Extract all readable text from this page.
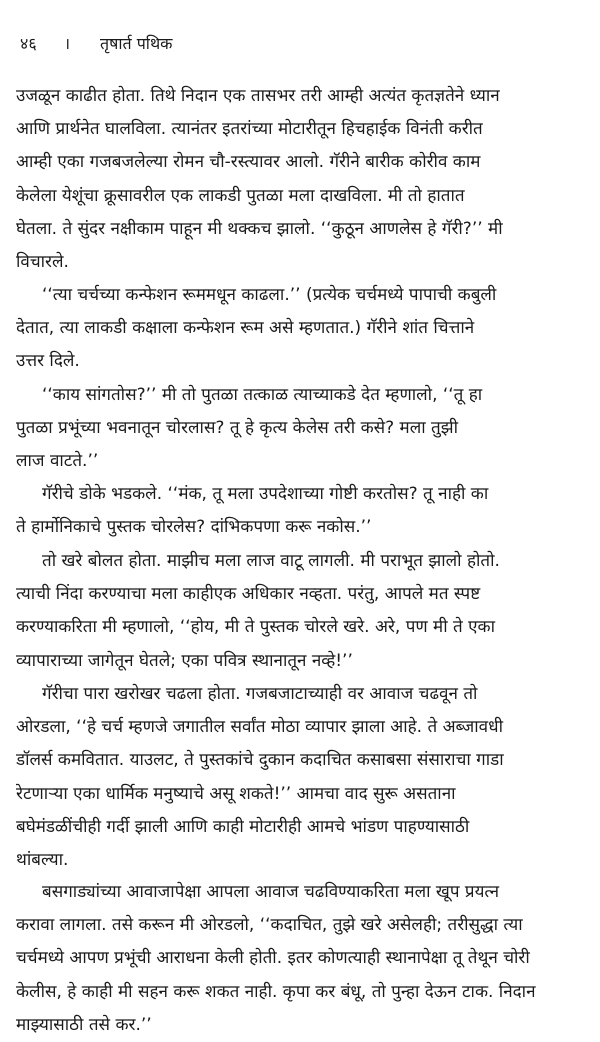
४६ । तृषार्त पथिक
उजळून काढीत होता. तिथे निदान एक तासभर तरी आम्ही अत्यंत कृतज्ञतेने ध्यान
आणि प्रार्थनेत घालविला. त्यानंतर इतरांच्या मोटारीतून हिचहाईक विनंती करीत
आम्ही एका गजबजलेल्या रोमन चौ-रस्त्यावर आलो. गॅरीने बारीक कोरीव काम
केलेला येशूंचा क्रूसावरील एक लाकडी पुतळा मला दाखविला. मी तो हातात
घेतला. ते सुंदर नक्षीकाम पाहून मी थक्कच झालो. ‘‘कुठून आणलेस हे गॅरी?’’ मी
विचारले.
‘‘त्या चर्चच्या कन्फेशन रूममधून काढला.’’ (प्रत्येक चर्चमध्ये पापाची कबुली
देतात, त्या लाकडी कक्षाला कन्फेशन रूम असे म्हणतात.) गॅरीने शांत चित्ताने
उत्तर दिले.
‘‘काय सांगतोस?’’ मी तो पुतळा तत्काळ त्याच्याकडे देत म्हणालो, ‘‘तू हा
पुतळा प्रभूंच्या भवनातून चोरलास? तू हे कृत्य केलेस तरी कसे? मला तुझी
लाज वाटते.’’
गॅरीचे डोके भडकले. ‘‘मंक, तू मला उपदेशाच्या गोष्टी करतोस? तू नाही का
ते हार्मोनिकाचे पुस्तक चोरलेस? दांभिकपणा करू नकोस.’’
तो खरे बोलत होता. माझीच मला लाज वाटू लागली. मी पराभूत झालो होतो.
त्याची निंदा करण्याचा मला काहीएक अधिकार नव्हता. परंतु, आपले मत स्पष्ट
करण्याकरिता मी म्हणालो, ‘‘होय, मी ते पुस्तक चोरले खरे. अरे, पण मी ते एका
व्यापाराच्या जागेतून घेतले; एका पवित्र स्थानातून नव्हे!’’
गॅरीचा पारा खरोखर चढला होता. गजबजाटाच्याही वर आवाज चढवून तो
ओरडला, ‘‘हे चर्च म्हणजे जगातील सर्वांत मोठा व्यापार झाला आहे. ते अब्जावधी
डॉलर्स कमवितात. याउलट, ते पुस्तकांचे दुकान कदाचित कसाबसा संसाराचा गाडा
रेटणाऱ्या एका धार्मिक मनुष्याचे असू शकते!’’ आमचा वाद सुरू असताना
बघेमंडळींचीही गर्दी झाली आणि काही मोटारीही आमचे भांडण पाहण्यासाठी
थांबल्या.
बसगाड्यांच्या आवाजापेक्षा आपला आवाज चढविण्याकरिता मला खूप प्रयत्न
करावा लागला. तसे करून मी ओरडलो, ‘‘कदाचित, तुझे खरे असेलही; तरीसुद्धा त्या
चर्चमध्ये आपण प्रभूंची आराधना केली होती. इतर कोणत्याही स्थानापेक्षा तू तेथून चोरी
केलीस, हे काही मी सहन करू शकत नाही. कृपा कर बंधू, तो पुन्हा देऊन टाक. निदान
माझ्यासाठी तसे कर.’’
